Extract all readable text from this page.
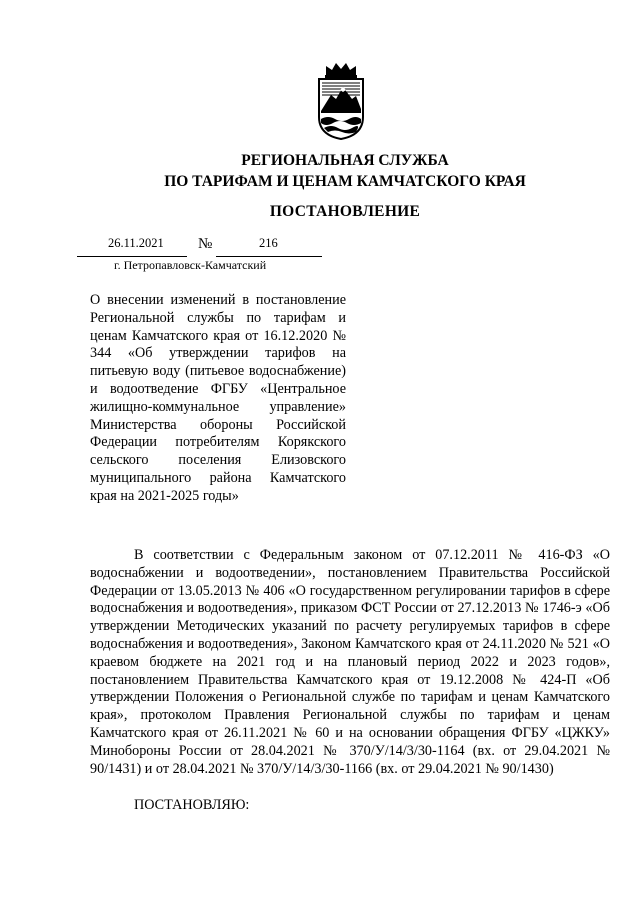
РЕГИОНАЛЬНАЯ СЛУЖБА
ПО ТАРИФАМ И ЦЕНАМ КАМЧАТСКОГО КРАЯ
ПОСТАНОВЛЕНИЕ
26.11.2021 №	216
г. Петропавловск-Камчатский
О внесении изменений в постановление Региональной службы по тарифам и ценам Камчатского края от 16.12.2020 № 344 «Об утверждении тарифов на питьевую воду (питьевое водоснабжение) и водоотведение ФГБУ «Центральное жилищно-коммунальное управление» Министерства обороны Российской Федерации потребителям Корякского сельского поселения Елизовского муниципального района Камчатского края на 2021-2025 годы»
В соответствии с Федеральным законом от 07.12.2011 № 416-ФЗ «О водоснабжении и водоотведении», постановлением Правительства Российской Федерации от 13.05.2013 № 406 «О государственном регулировании тарифов в сфере водоснабжения и водоотведения», приказом ФСТ России от 27.12.2013 № 1746-э «Об утверждении Методических указаний по расчету регулируемых тарифов в сфере водоснабжения и водоотведения», Законом Камчатского края от 24.11.2020 № 521 «О краевом бюджете на 2021 год и на плановый период 2022 и 2023 годов», постановлением Правительства Камчатского края от 19.12.2008 № 424-П «Об утверждении Положения о Региональной службе по тарифам и ценам Камчатского края», протоколом Правления Региональной службы по тарифам и ценам Камчатского края от 26.11.2021 № 60 и на основании обращения ФГБУ «ЦЖКУ» Минобороны России от 28.04.2021 № 370/У/14/3/30-1164 (вх. от 29.04.2021 № 90/1431) и от 28.04.2021 № 370/У/14/3/30-1166 (вх. от 29.04.2021 № 90/1430)
ПОСТАНОВЛЯЮ:
